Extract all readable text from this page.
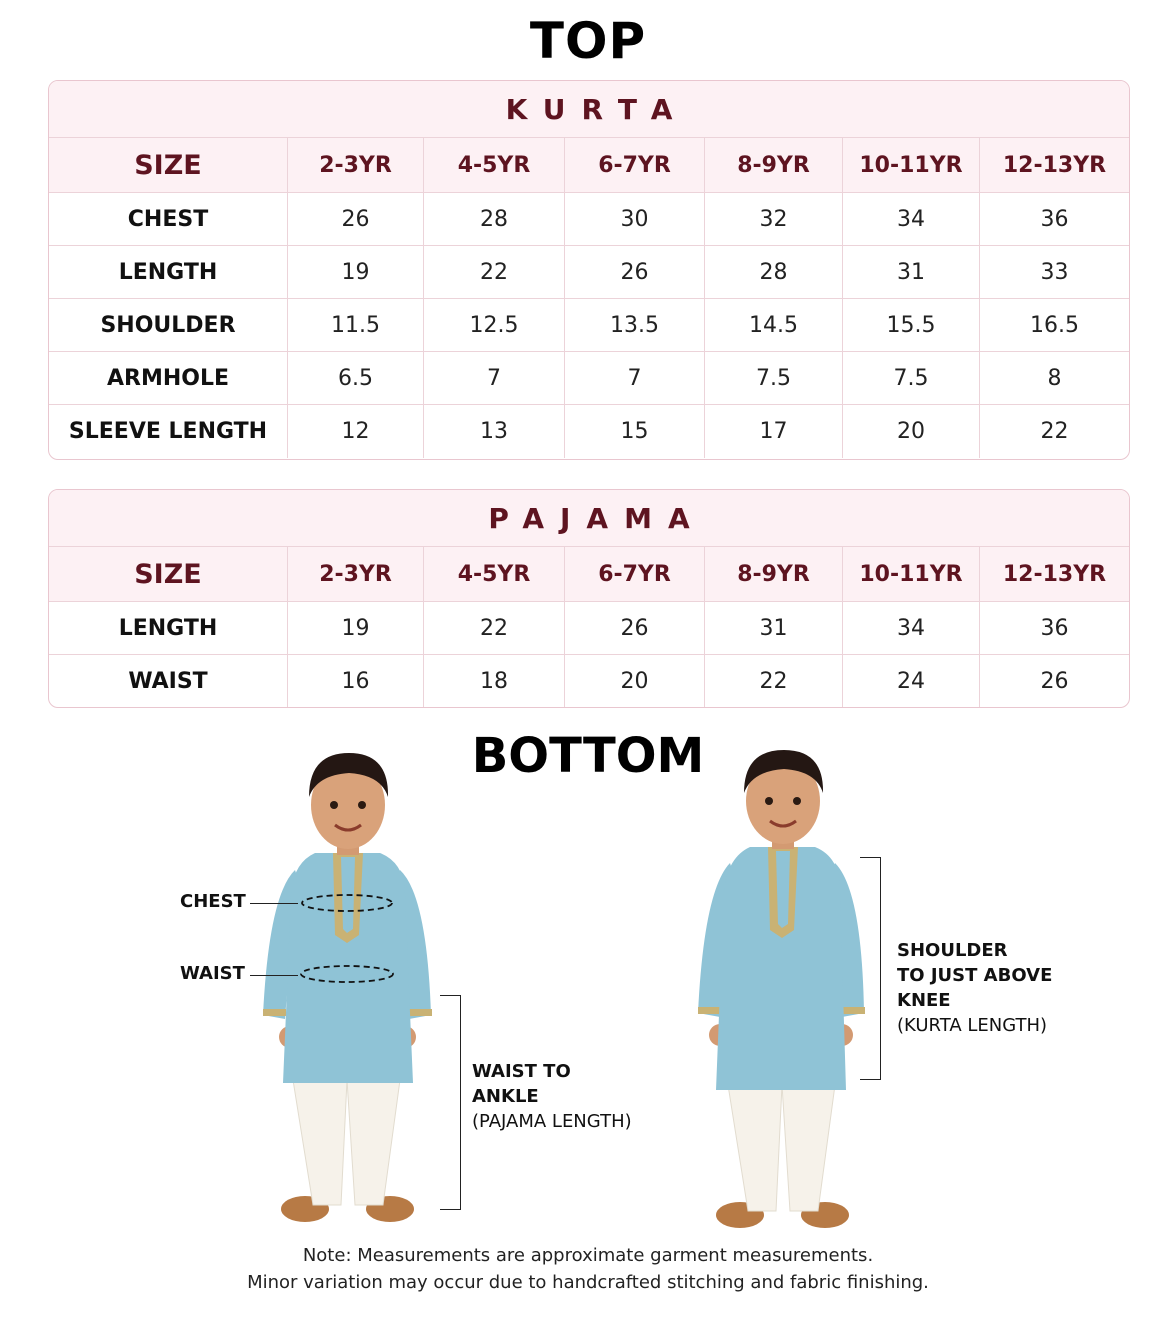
TOP
KURTA
SIZE	2-3YR	4-5YR	6-7YR	8-9YR	10-11YR	12-13YR
CHEST	26	28	30	32	34	36
LENGTH	19	22	26	28	31	33
SHOULDER	11.5	12.5	13.5	14.5	15.5	16.5
ARMHOLE	6.5	7	7	7.5	7.5	8
SLEEVE LENGTH	12	13	15	17	20	22
PAJAMA
SIZE	2-3YR	4-5YR	6-7YR	8-9YR	10-11YR	12-13YR
LENGTH	19	22	26	31	34	36
WAIST	16	18	20	22	24	26
BOTTOM
CHEST
WAIST
WAIST TO
ANKLE
(PAJAMA LENGTH)
SHOULDER
TO JUST ABOVE
KNEE
(KURTA LENGTH)
Note: Measurements are approximate garment measurements.
Minor variation may occur due to handcrafted stitching and fabric finishing.
